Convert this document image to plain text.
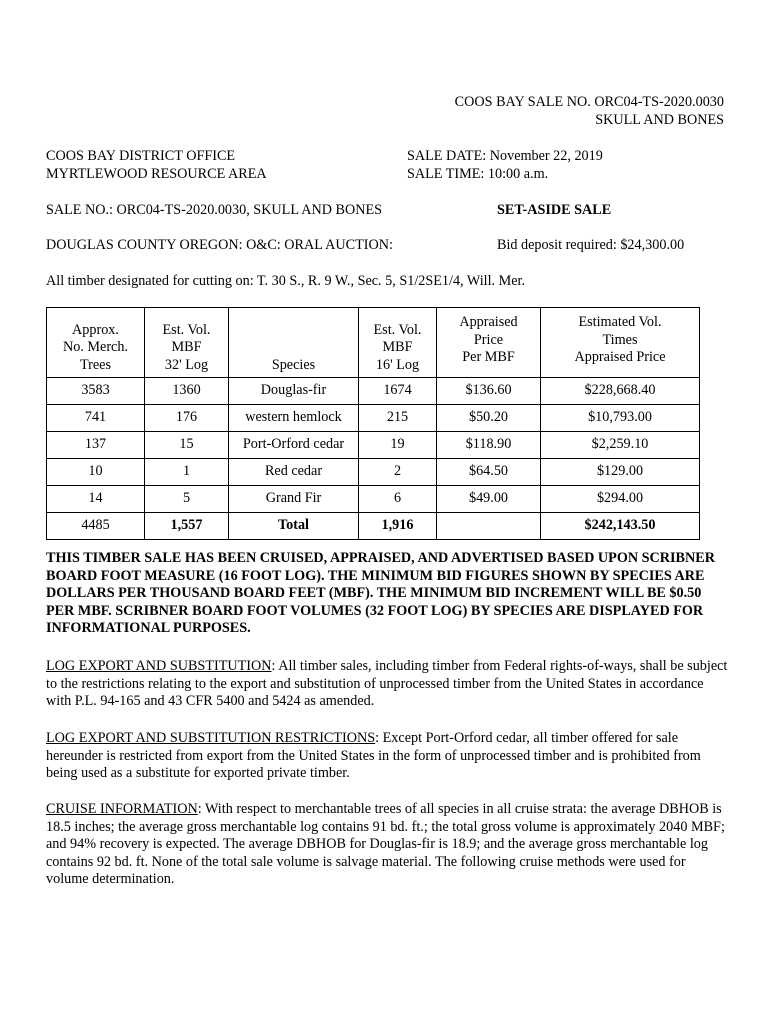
COOS BAY SALE NO. ORC04-TS-2020.0030
SKULL AND BONES
COOS BAY DISTRICT OFFICE
MYRTLEWOOD RESOURCE AREA
SALE DATE: November 22, 2019
SALE TIME: 10:00 a.m.
SALE NO.: ORC04-TS-2020.0030, SKULL AND BONES	SET-ASIDE SALE
DOUGLAS COUNTY OREGON: O&C: ORAL AUCTION:	Bid deposit required: $24,300.00
All timber designated for cutting on: T. 30 S., R. 9 W., Sec. 5, S1/2SE1/4, Will. Mer.
Approx.
No. Merch.
Trees	Est. Vol.
MBF
32' Log	Species	Est. Vol.
MBF
16' Log	Appraised
Price
Per MBF	Estimated Vol.
Times
Appraised Price

3583	1360	Douglas-fir	1674	$136.60	$228,668.40
741	176	western hemlock	215	$50.20	$10,793.00
137	15	Port-Orford cedar	19	$118.90	$2,259.10
10	1	Red cedar	2	$64.50	$129.00
14	5	Grand Fir	6	$49.00	$294.00
4485	1,557	Total	1,916		$242,143.50
THIS TIMBER SALE HAS BEEN CRUISED, APPRAISED, AND ADVERTISED BASED UPON SCRIBNER BOARD FOOT MEASURE (16 FOOT LOG). THE MINIMUM BID FIGURES SHOWN BY SPECIES ARE DOLLARS PER THOUSAND BOARD FEET (MBF). THE MINIMUM BID INCREMENT WILL BE $0.50 PER MBF. SCRIBNER BOARD FOOT VOLUMES (32 FOOT LOG) BY SPECIES ARE DISPLAYED FOR INFORMATIONAL PURPOSES.
LOG EXPORT AND SUBSTITUTION: All timber sales, including timber from Federal rights-of-ways, shall be subject to the restrictions relating to the export and substitution of unprocessed timber from the United States in accordance with P.L. 94-165 and 43 CFR 5400 and 5424 as amended.
LOG EXPORT AND SUBSTITUTION RESTRICTIONS: Except Port-Orford cedar, all timber offered for sale hereunder is restricted from export from the United States in the form of unprocessed timber and is prohibited from being used as a substitute for exported private timber.
CRUISE INFORMATION: With respect to merchantable trees of all species in all cruise strata: the average DBHOB is 18.5 inches; the average gross merchantable log contains 91 bd. ft.; the total gross volume is approximately 2040 MBF; and 94% recovery is expected. The average DBHOB for Douglas-fir is 18.9; and the average gross merchantable log contains 92 bd. ft. None of the total sale volume is salvage material. The following cruise methods were used for volume determination.
